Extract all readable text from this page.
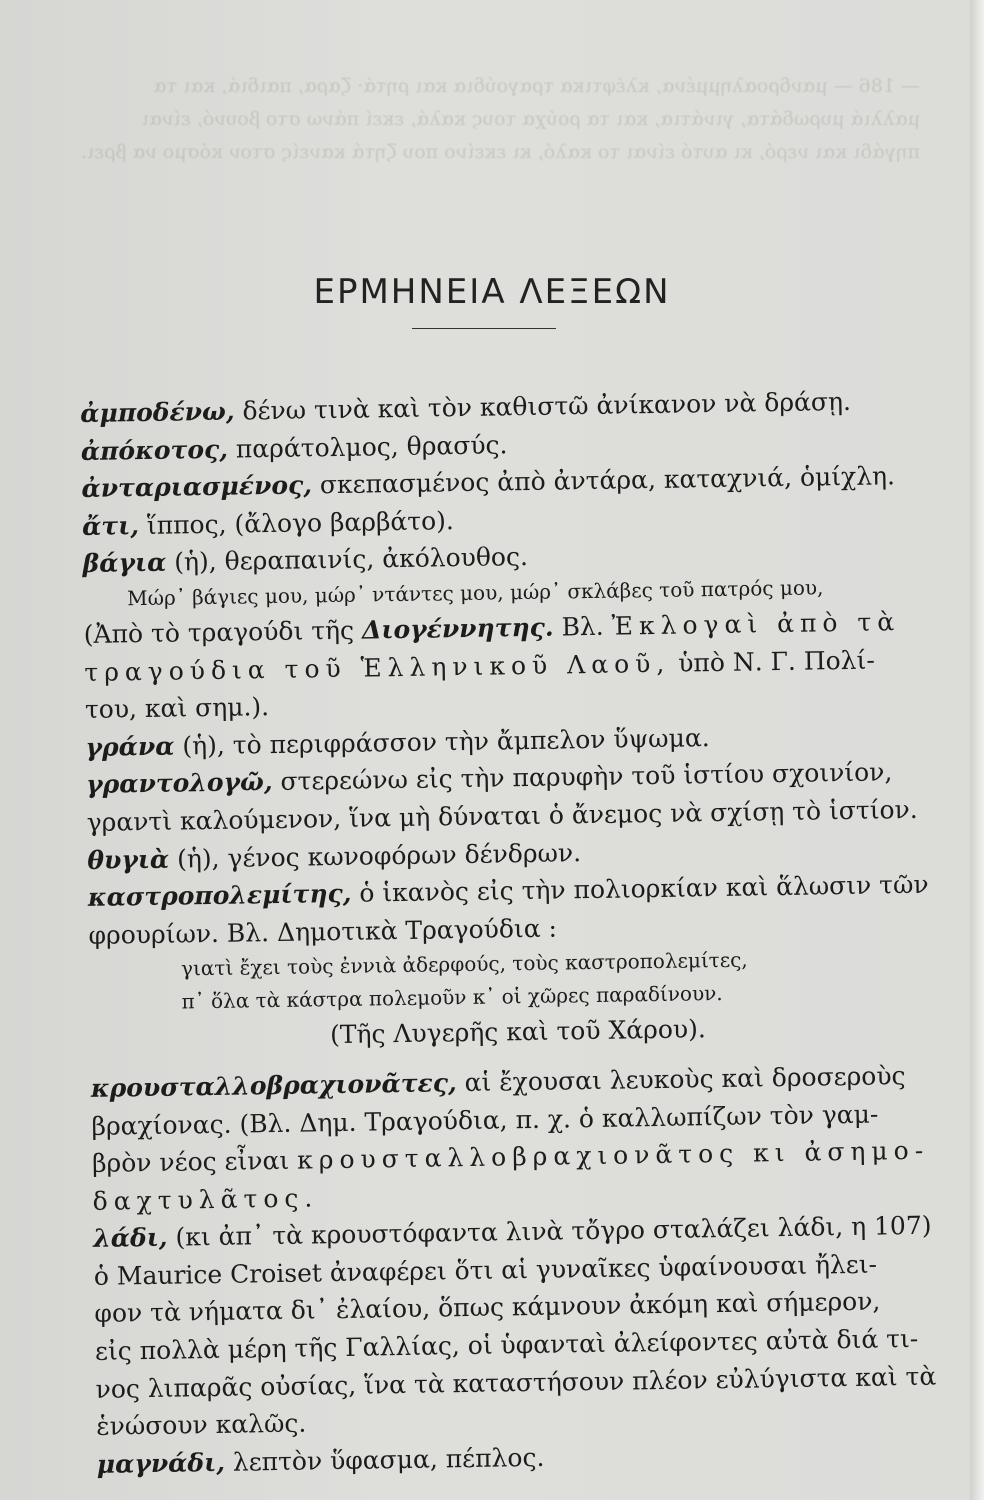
— 186 — μανδροαλημμένα, κλέφτικα τραγούδια και ρητά· ζαρα, παιδιά, και τα μαλλιά μυρωδάτα, γινάτια, και τα ρούχα τους καλά, εκεί πάνω στο βουνό, είναι πηγάδι και νερό, κι αυτό είναι το καλό, κι εκείνο που ζητά κανείς στον κόσμο να βρει.
ΕΡΜΗΝΕΙΑ ΛΕΞΕΩΝ
ἀμποδένω, δένω τινὰ καὶ τὸν καθιστῶ ἀνίκανον νὰ δράσῃ.
ἀπόκοτος, παράτολμος, θρασύς.
ἀνταριασμένος, σκεπασμένος ἀπὸ ἀντάρα, καταχνιά, ὁμίχλη.
ἄτι, ἵππος, (ἄλογο βαρβάτο).
βάγια (ἡ), θεραπαινίς, ἀκόλουθος.
Μώρ᾽ βάγιες μου, μώρ᾽ ντάντες μου, μώρ᾽ σκλάβες τοῦ πατρός μου,
(Ἀπὸ τὸ τραγούδι τῆς Διογέννητης. Βλ. Ἐκλογαὶ ἀπὸ τὰ
τραγούδια τοῦ Ἑλληνικοῦ Λαοῦ, ὑπὸ Ν. Γ. Πολί-
του, καὶ σημ.).
γράνα (ἡ), τὸ περιφράσσον τὴν ἄμπελον ὕψωμα.
γραντολογῶ, στερεώνω εἰς τὴν παρυφὴν τοῦ ἱστίου σχοινίον,
γραντὶ καλούμενον, ἵνα μὴ δύναται ὁ ἄνεμος νὰ σχίσῃ τὸ ἱστίον.
θυγιὰ (ἡ), γένος κωνοφόρων δένδρων.
καστροπολεμίτης, ὁ ἱκανὸς εἰς τὴν πολιορκίαν καὶ ἅλωσιν τῶν
φρουρίων. Βλ. Δημοτικὰ Τραγούδια :
γιατὶ ἔχει τοὺς ἐννιὰ ἀδερφούς, τοὺς καστροπολεμίτες,
π᾽ ὅλα τὰ κάστρα πολεμοῦν κ᾽ οἱ χῶρες παραδίνουν.
(Τῆς Λυγερῆς καὶ τοῦ Χάρου).
κρουσταλλοβραχιονᾶτες, αἱ ἔχουσαι λευκοὺς καὶ δροσεροὺς
βραχίονας. (Βλ. Δημ. Τραγούδια, π. χ. ὁ καλλωπίζων τὸν γαμ-
βρὸν νέος εἶναι κρουσταλλοβραχιονᾶτος κι ἀσημο-
δαχτυλᾶτος.
λάδι, (κι ἀπ᾽ τὰ κρουστόφαντα λινὰ τὄγρο σταλάζει λάδι, η 107)
ὁ Maurice Croiset ἀναφέρει ὅτι αἱ γυναῖκες ὑφαίνουσαι ἤλει-
φον τὰ νήματα δι᾽ ἐλαίου, ὅπως κάμνουν ἀκόμη καὶ σήμερον,
εἰς πολλὰ μέρη τῆς Γαλλίας, οἱ ὑφανταὶ ἀλείφοντες αὐτὰ διά τι-
νος λιπαρᾶς οὐσίας, ἵνα τὰ καταστήσουν πλέον εὐλύγιστα καὶ τὰ
ἑνώσουν καλῶς.
μαγνάδι, λεπτὸν ὕφασμα, πέπλος.
